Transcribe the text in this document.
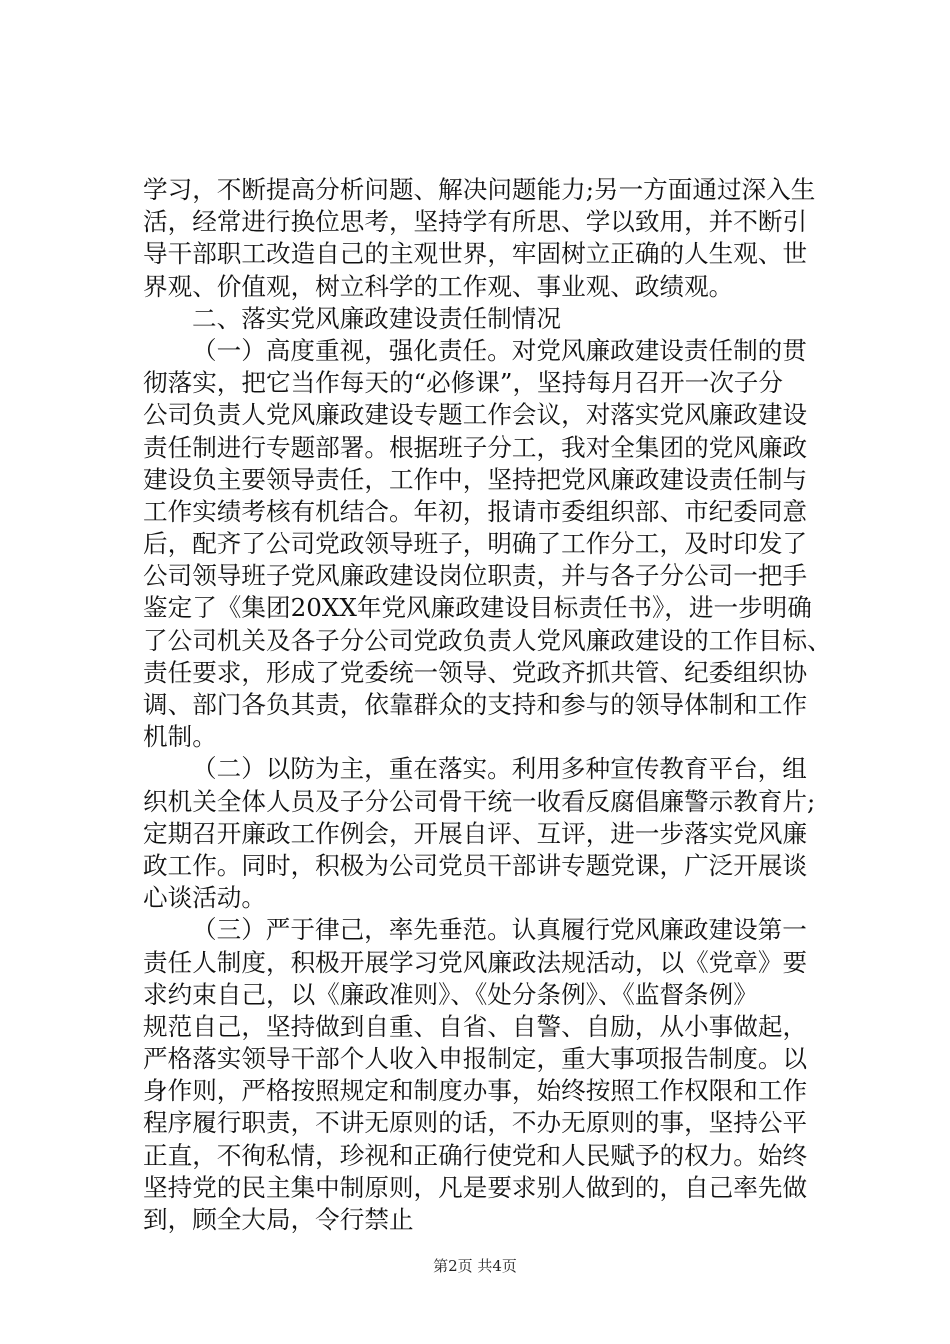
学习，不断提高分析问题、解决问题能力;另一方面通过深入生
活，经常进行换位思考，坚持学有所思、学以致用，并不断引
导干部职工改造自己的主观世界，牢固树立正确的人生观、世
界观、价值观，树立科学的工作观、事业观、政绩观。
二、落实党风廉政建设责任制情况
（一）高度重视，强化责任。对党风廉政建设责任制的贯
彻落实，把它当作每天的“必修课”，坚持每月召开一次子分
公司负责人党风廉政建设专题工作会议，对落实党风廉政建设
责任制进行专题部署。根据班子分工，我对全集团的党风廉政
建设负主要领导责任，工作中，坚持把党风廉政建设责任制与
工作实绩考核有机结合。年初，报请市委组织部、市纪委同意
后，配齐了公司党政领导班子，明确了工作分工，及时印发了
公司领导班子党风廉政建设岗位职责，并与各子分公司一把手
鉴定了《集团20XX年党风廉政建设目标责任书》，进一步明确
了公司机关及各子分公司党政负责人党风廉政建设的工作目标、
责任要求，形成了党委统一领导、党政齐抓共管、纪委组织协
调、部门各负其责，依靠群众的支持和参与的领导体制和工作
机制。
（二）以防为主，重在落实。利用多种宣传教育平台，组
织机关全体人员及子分公司骨干统一收看反腐倡廉警示教育片;
定期召开廉政工作例会，开展自评、互评，进一步落实党风廉
政工作。同时，积极为公司党员干部讲专题党课，广泛开展谈
心谈活动。
（三）严于律己，率先垂范。认真履行党风廉政建设第一
责任人制度，积极开展学习党风廉政法规活动，以《党章》要
求约束自己，以《廉政准则》、《处分条例》、《监督条例》
规范自己，坚持做到自重、自省、自警、自励，从小事做起，
严格落实领导干部个人收入申报制定，重大事项报告制度。以
身作则，严格按照规定和制度办事，始终按照工作权限和工作
程序履行职责，不讲无原则的话，不办无原则的事，坚持公平
正直，不徇私情，珍视和正确行使党和人民赋予的权力。始终
坚持党的民主集中制原则，凡是要求别人做到的，自己率先做
到，顾全大局，令行禁止
第2页 共4页
